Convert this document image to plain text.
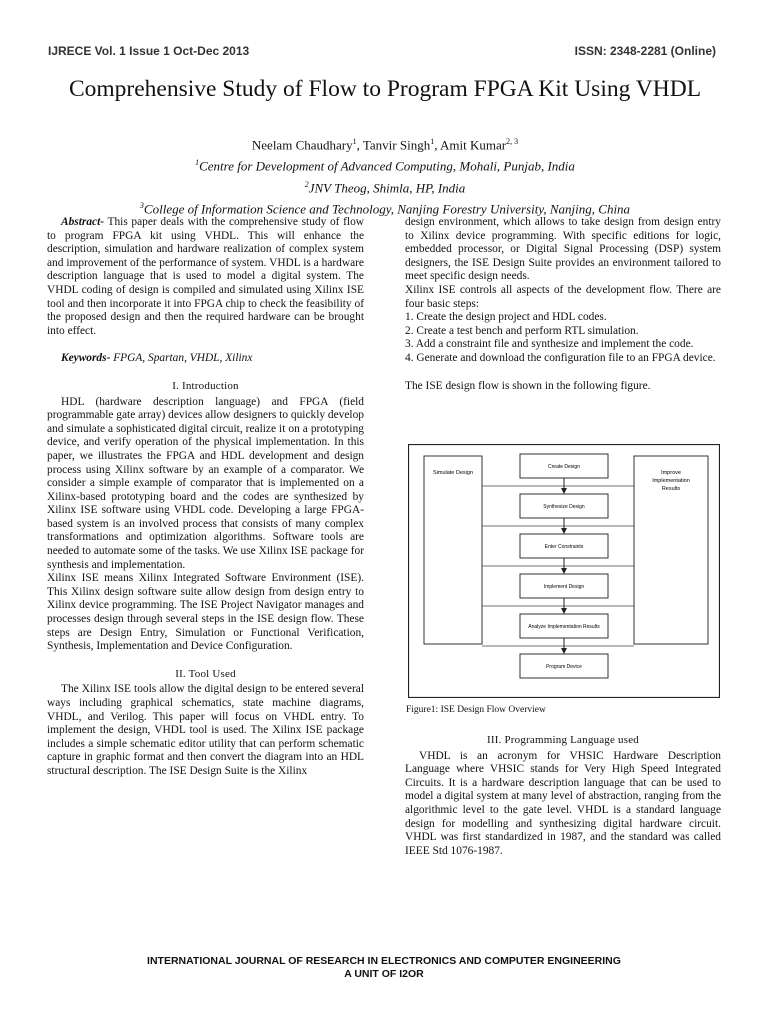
IJRECE Vol. 1 Issue 1 Oct-Dec 2013	ISSN: 2348-2281 (Online)
Comprehensive Study of Flow to Program FPGA Kit Using VHDL
Neelam Chaudhary$^1$, Tanvir Singh$^1$, Amit Kumar$^{2, 3}$
$^1$Centre for Development of Advanced Computing, Mohali, Punjab, India
$^2$JNV Theog, Shimla, HP, India
$^3$College of Information Science and Technology, Nanjing Forestry University, Nanjing, China

Abstract- This paper deals with the comprehensive study of flow to program FPGA kit using VHDL. This will enhance the description, simulation and hardware realization of complex system and improvement of the performance of system. VHDL is a hardware description language that is used to model a digital system. The VHDL coding of design is compiled and simulated using Xilinx ISE tool and then incorporate it into FPGA chip to check the feasibility of the proposed design and then the required hardware can be brought into effect.

Keywords- FPGA, Spartan, VHDL, Xilinx

I. Introduction

HDL (hardware description language) and FPGA (field programmable gate array) devices allow designers to quickly develop and simulate a sophisticated digital circuit, realize it on a prototyping device, and verify operation of the physical implementation. In this paper, we illustrates the FPGA and HDL development and design process using Xilinx software by an example of a comparator. We consider a simple example of comparator that is implemented on a Xilinx-based prototyping board and the codes are synthesized by Xilinx ISE software using VHDL code. Developing a large FPGA-based system is an involved process that consists of many complex transformations and optimization algorithms. Software tools are needed to automate some of the tasks. We use Xilinx ISE package for synthesis and implementation.

Xilinx ISE means Xilinx Integrated Software Environment (ISE). This Xilinx design software suite allow design from design entry to Xilinx device programming. The ISE Project Navigator manages and processes design through several steps in the ISE design flow. These steps are Design Entry, Simulation or Functional Verification, Synthesis, Implementation and Device Configuration.

II. Tool Used

The Xilinx ISE tools allow the digital design to be entered several ways including graphical schematics, state machine diagrams, VHDL, and Verilog. This paper will focus on VHDL entry. To implement the design, VHDL tool is used. The Xilinx ISE package includes a simple schematic editor utility that can perform schematic capture in graphic format and then convert the diagram into an HDL structural description. The ISE Design Suite is the Xilinx

design environment, which allows to take design from design entry to Xilinx device programming. With specific editions for logic, embedded processor, or Digital Signal Processing (DSP) system designers, the ISE Design Suite provides an environment tailored to meet specific design needs.

Xilinx ISE controls all aspects of the development flow. There are four basic steps:

1. Create the design project and HDL codes.

2. Create a test bench and perform RTL simulation.

3. Add a constraint file and synthesize and implement the code.

4. Generate and download the configuration file to an FPGA device.

The ISE design flow is shown in the following figure.

Simulate Design	Improve
Implementation
Results
Create Design
Synthesize Design
Enter Constraints
Implement Design
Analyze Implementation Results
Program Device
Figure1: ISE Design Flow Overview

III. Programming Language used

VHDL is an acronym for VHSIC Hardware Description Language where VHSIC stands for Very High Speed Integrated Circuits. It is a hardware description language that can be used to model a digital system at many level of abstraction, ranging from the algorithmic level to the gate level. VHDL is a standard language design for modelling and synthesizing digital hardware circuit. VHDL was first standardized in 1987, and the standard was called IEEE Std 1076-1987.

INTERNATIONAL JOURNAL OF RESEARCH IN ELECTRONICS AND COMPUTER ENGINEERING
A UNIT OF I2OR
